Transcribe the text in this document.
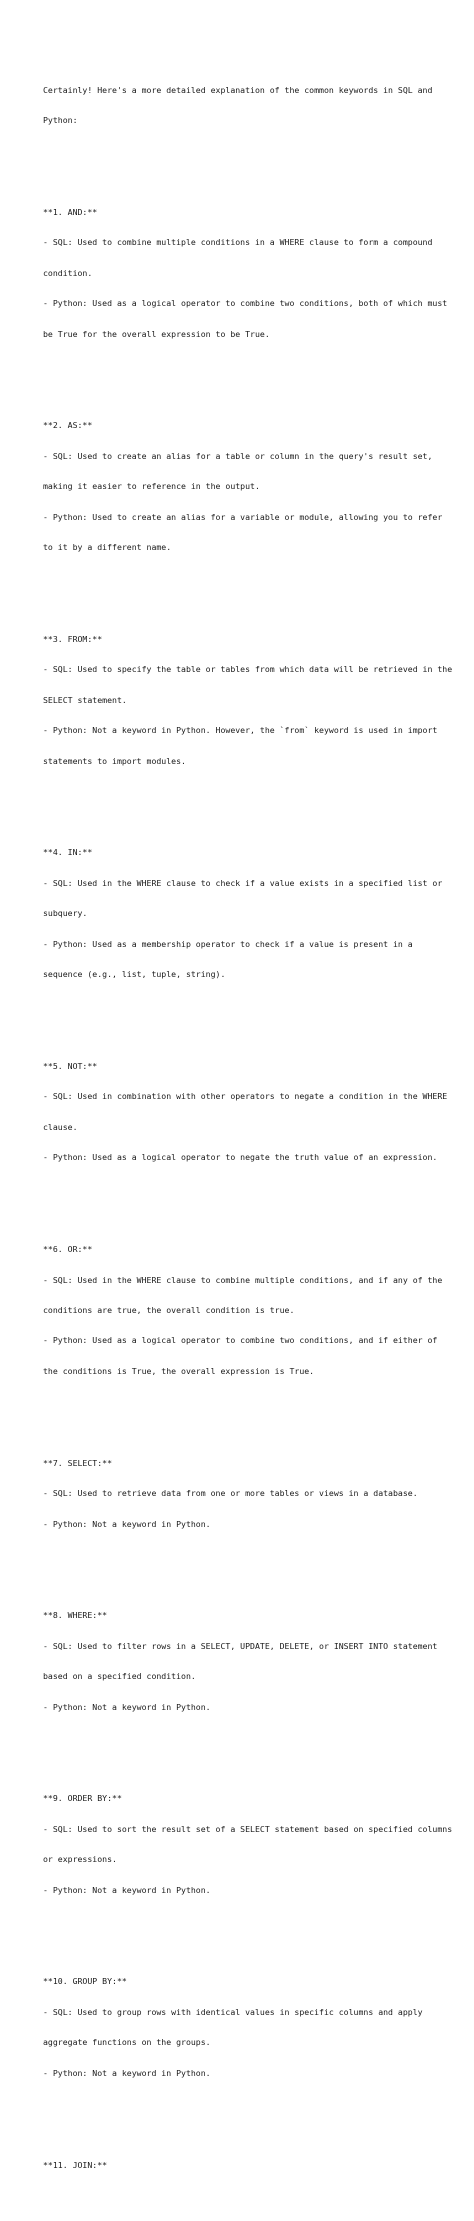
Certainly! Here's a more detailed explanation of the common keywords in SQL and

Python:

**1. AND:**

- SQL: Used to combine multiple conditions in a WHERE clause to form a compound

condition.

- Python: Used as a logical operator to combine two conditions, both of which must

be True for the overall expression to be True.

**2. AS:**

- SQL: Used to create an alias for a table or column in the query's result set,

making it easier to reference in the output.

- Python: Used to create an alias for a variable or module, allowing you to refer

to it by a different name.

**3. FROM:**

- SQL: Used to specify the table or tables from which data will be retrieved in the

SELECT statement.

- Python: Not a keyword in Python. However, the `from` keyword is used in import

statements to import modules.

**4. IN:**

- SQL: Used in the WHERE clause to check if a value exists in a specified list or

subquery.

- Python: Used as a membership operator to check if a value is present in a

sequence (e.g., list, tuple, string).

**5. NOT:**

- SQL: Used in combination with other operators to negate a condition in the WHERE

clause.

- Python: Used as a logical operator to negate the truth value of an expression.

**6. OR:**

- SQL: Used in the WHERE clause to combine multiple conditions, and if any of the

conditions are true, the overall condition is true.

- Python: Used as a logical operator to combine two conditions, and if either of

the conditions is True, the overall expression is True.

**7. SELECT:**

- SQL: Used to retrieve data from one or more tables or views in a database.

- Python: Not a keyword in Python.

**8. WHERE:**

- SQL: Used to filter rows in a SELECT, UPDATE, DELETE, or INSERT INTO statement

based on a specified condition.

- Python: Not a keyword in Python.

**9. ORDER BY:**

- SQL: Used to sort the result set of a SELECT statement based on specified columns

or expressions.

- Python: Not a keyword in Python.

**10. GROUP BY:**

- SQL: Used to group rows with identical values in specific columns and apply

aggregate functions on the groups.

- Python: Not a keyword in Python.

**11. JOIN:**
